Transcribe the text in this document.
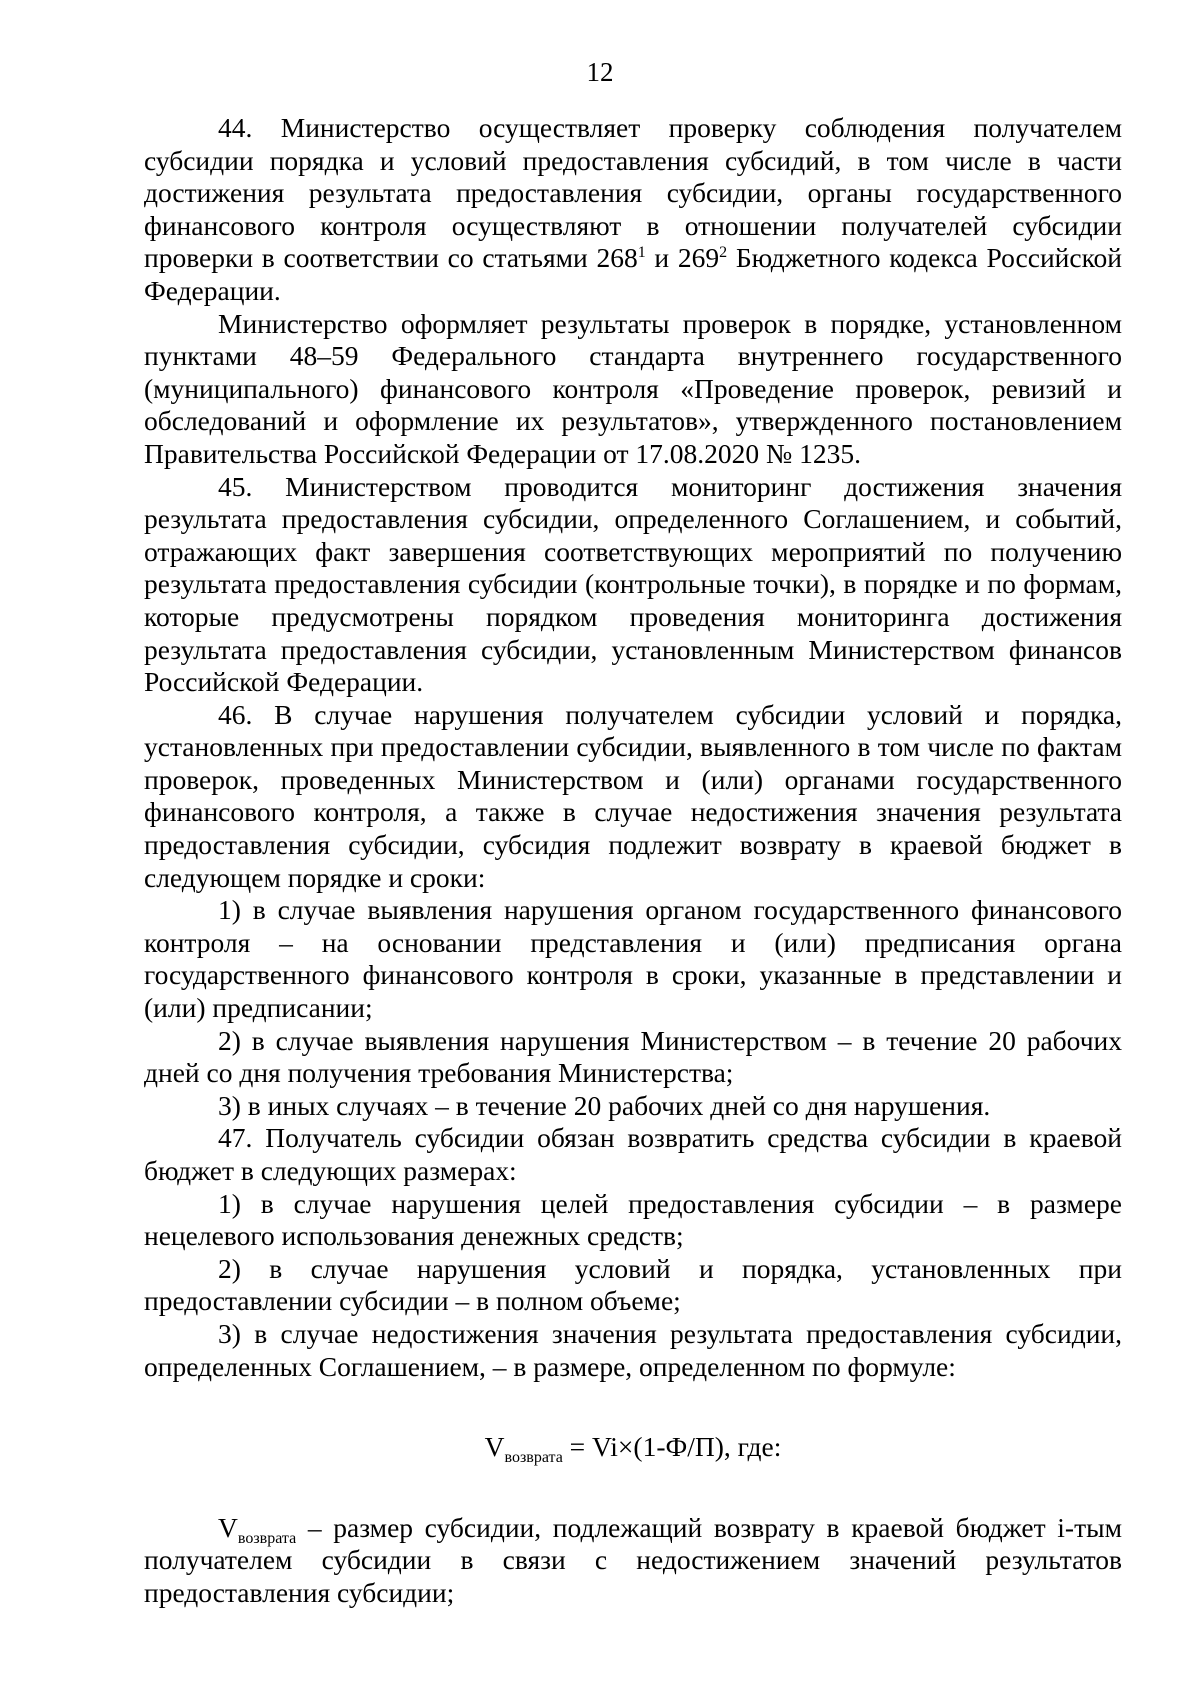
12

44. Министерство осуществляет проверку соблюдения получателем субсидии порядка и условий предоставления субсидий, в том числе в части достижения результата предоставления субсидии, органы государственного финансового контроля осуществляют в отношении получателей субсидии проверки в соответствии со статьями $268^1$ и $269^2$ Бюджетного кодекса Российской Федерации.

Министерство оформляет результаты проверок в порядке, установленном пунктами 48–59 Федерального стандарта внутреннего государственного (муниципального) финансового контроля «Проведение проверок, ревизий и обследований и оформление их результатов», утвержденного постановлением Правительства Российской Федерации от 17.08.2020 № 1235.

45. Министерством проводится мониторинг достижения значения результата предоставления субсидии, определенного Соглашением, и событий, отражающих факт завершения соответствующих мероприятий по получению результата предоставления субсидии (контрольные точки), в порядке и по формам, которые предусмотрены порядком проведения мониторинга достижения результата предоставления субсидии, установленным Министерством финансов Российской Федерации.

46. В случае нарушения получателем субсидии условий и порядка, установленных при предоставлении субсидии, выявленного в том числе по фактам проверок, проведенных Министерством и (или) органами государственного финансового контроля, а также в случае недостижения значения результата предоставления субсидии, субсидия подлежит возврату в краевой бюджет в следующем порядке и сроки:

1) в случае выявления нарушения органом государственного финансового контроля – на основании представления и (или) предписания органа государственного финансового контроля в сроки, указанные в представлении и (или) предписании;

2) в случае выявления нарушения Министерством – в течение 20 рабочих дней со дня получения требования Министерства;

3) в иных случаях – в течение 20 рабочих дней со дня нарушения.

47. Получатель субсидии обязан возвратить средства субсидии в краевой бюджет в следующих размерах:

1) в случае нарушения целей предоставления субсидии – в размере нецелевого использования денежных средств;

2) в случае нарушения условий и порядка, установленных при предоставлении субсидии – в полном объеме;

3) в случае недостижения значения результата предоставления субсидии, определенных Соглашением, – в размере, определенном по формуле:

$V_{возврата} = Vi\times(1-Ф/П)$, где:

$V_{возврата}$ – размер субсидии, подлежащий возврату в краевой бюджет i-тым получателем субсидии в связи с недостижением значений результатов предоставления субсидии;
